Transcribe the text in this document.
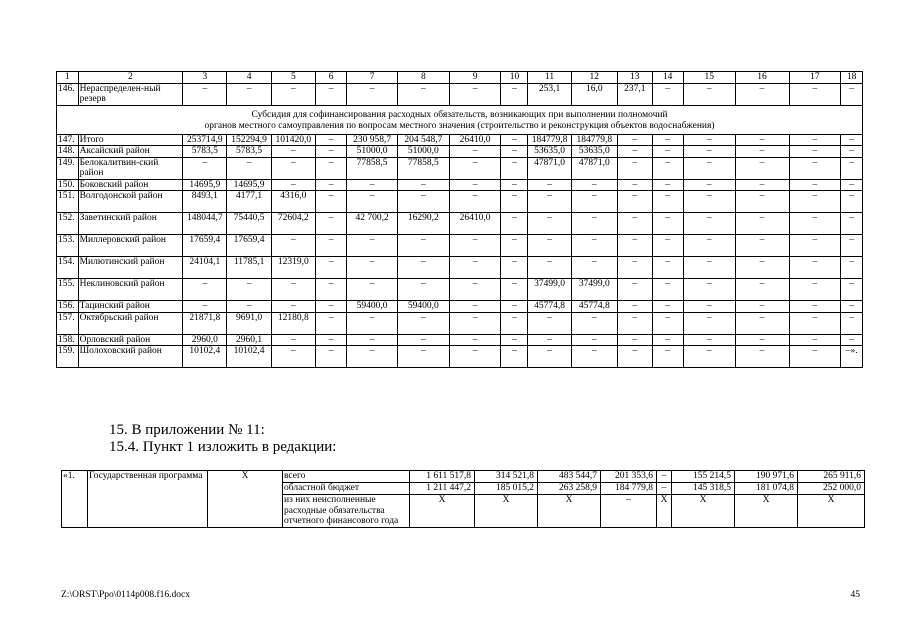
1	2	3	4	5	6	7	8	9	10	11	12	13	14	15	16	17	18
146.	Нераспределен-ный резерв	–	–	–	–	–	–	–	–	253,1	16,0	237,1	–	–	–	–	–

Субсидия для софинансирования расходных обязательств, возникающих при выполнении полномочий
органов местного самоуправления по вопросам местного значения (строительство и реконструкция объектов водоснабжения)																	

147.	Итого	253714,9	152294,9	101420,0	–	230 958,7	204 548,7	26410,0	–	184779,8	184779,8	–	–	–	–	–	–
148.	Аксайский район	5783,5	5783,5	–	–	51000,0	51000,0	–	–	53635,0	53635,0	–	–	–	–	–	–
149.	Белокалитвин-ский район	–	–	–	–	77858,5	77858,5	–	–	47871,0	47871,0	–	–	–	–	–	–
150.	Боковский район	14695,9	14695,9	–	–	–	–	–	–	–	–	–	–	–	–	–	–
151.	Волгодонской район	8493,1	4177,1	4316,0	–	–	–	–	–	–	–	–	–	–	–	–	–
152.	Заветинский район	148044,7	75440,5	72604,2	–	42 700,2	16290,2	26410,0	–	–	–	–	–	–	–	–	–
153.	Миллеровский район	17659,4	17659,4	–	–	–	–	–	–	–	–	–	–	–	–	–	–
154.	Милютинский район	24104,1	11785,1	12319,0	–	–	–	–	–	–	–	–	–	–	–	–	–
155.	Неклиновский район	–	–	–	–	–	–	–	–	37499,0	37499,0	–	–	–	–	–	–
156.	Тацинский район	–	–	–	–	59400,0	59400,0	–	–	45774,8	45774,8	–	–	–	–	–	–
157.	Октябрьский район	21871,8	9691,0	12180,8	–	–	–	–	–	–	–	–	–	–	–	–	–
158.	Орловский район	2960,0	2960,1	–	–	–	–	–	–	–	–	–	–	–	–	–	–
159.	Шолоховский район	10102,4	10102,4	–	–	–	–	–	–	–	–	–	–	–	–	–	–».
15. В приложении № 11:
15.4. Пункт 1 изложить в редакции:
«1.	Государственная программа	X	всего	1 611 517,8	314 521,8	483 544,7	201 353,6	–	155 214,5	190 971,6	265 911,6
			областной бюджет	1 211 447,2	185 015,2	263 258,9	184 779,8	–	145 318,5	181 074,8	252 000,0
			из них неисполненные расходные обязательства отчетного финансового года	X	X	X	–	X	X	X	X
Z:\ORST\Ppo\0114p008.f16.docx	45
